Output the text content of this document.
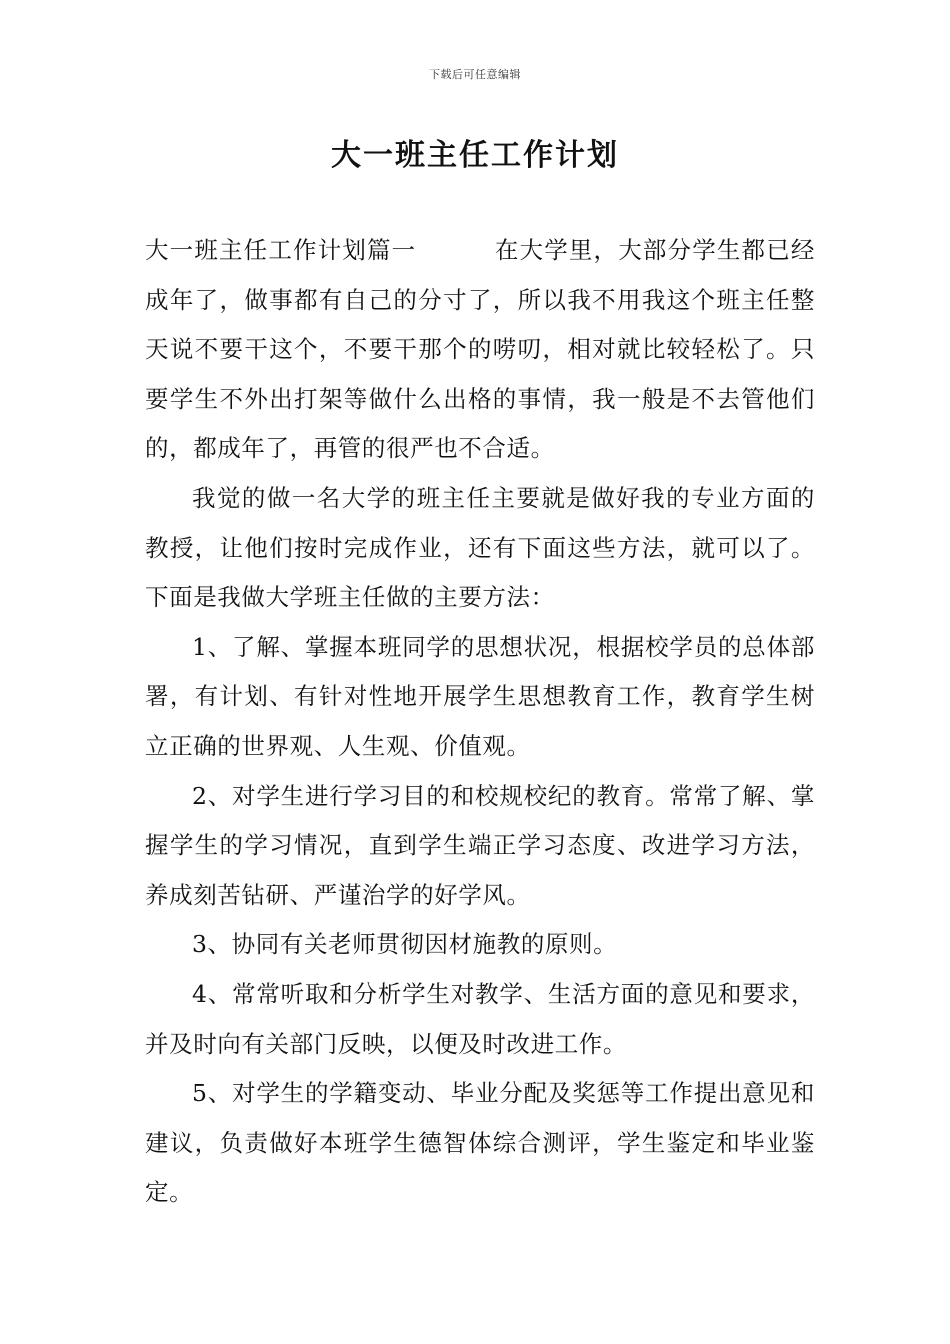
下载后可任意编辑
大一班主任工作计划

大一班主任工作计划篇一	在大学里，大部分学生都已经成年了，做事都有自己的分寸了，所以我不用我这个班主任整天说不要干这个，不要干那个的唠叨，相对就比较轻松了。只要学生不外出打架等做什么出格的事情，我一般是不去管他们的，都成年了，再管的很严也不合适。

我觉的做一名大学的班主任主要就是做好我的专业方面的教授，让他们按时完成作业，还有下面这些方法，就可以了。下面是我做大学班主任做的主要方法：

1、了解、掌握本班同学的思想状况，根据校学员的总体部署，有计划、有针对性地开展学生思想教育工作，教育学生树立正确的世界观、人生观、价值观。

2、对学生进行学习目的和校规校纪的教育。常常了解、掌握学生的学习情况，直到学生端正学习态度、改进学习方法，养成刻苦钻研、严谨治学的好学风。

3、协同有关老师贯彻因材施教的原则。

4、常常听取和分析学生对教学、生活方面的意见和要求，并及时向有关部门反映，以便及时改进工作。

5、对学生的学籍变动、毕业分配及奖惩等工作提出意见和建议，负责做好本班学生德智体综合测评，学生鉴定和毕业鉴定。
